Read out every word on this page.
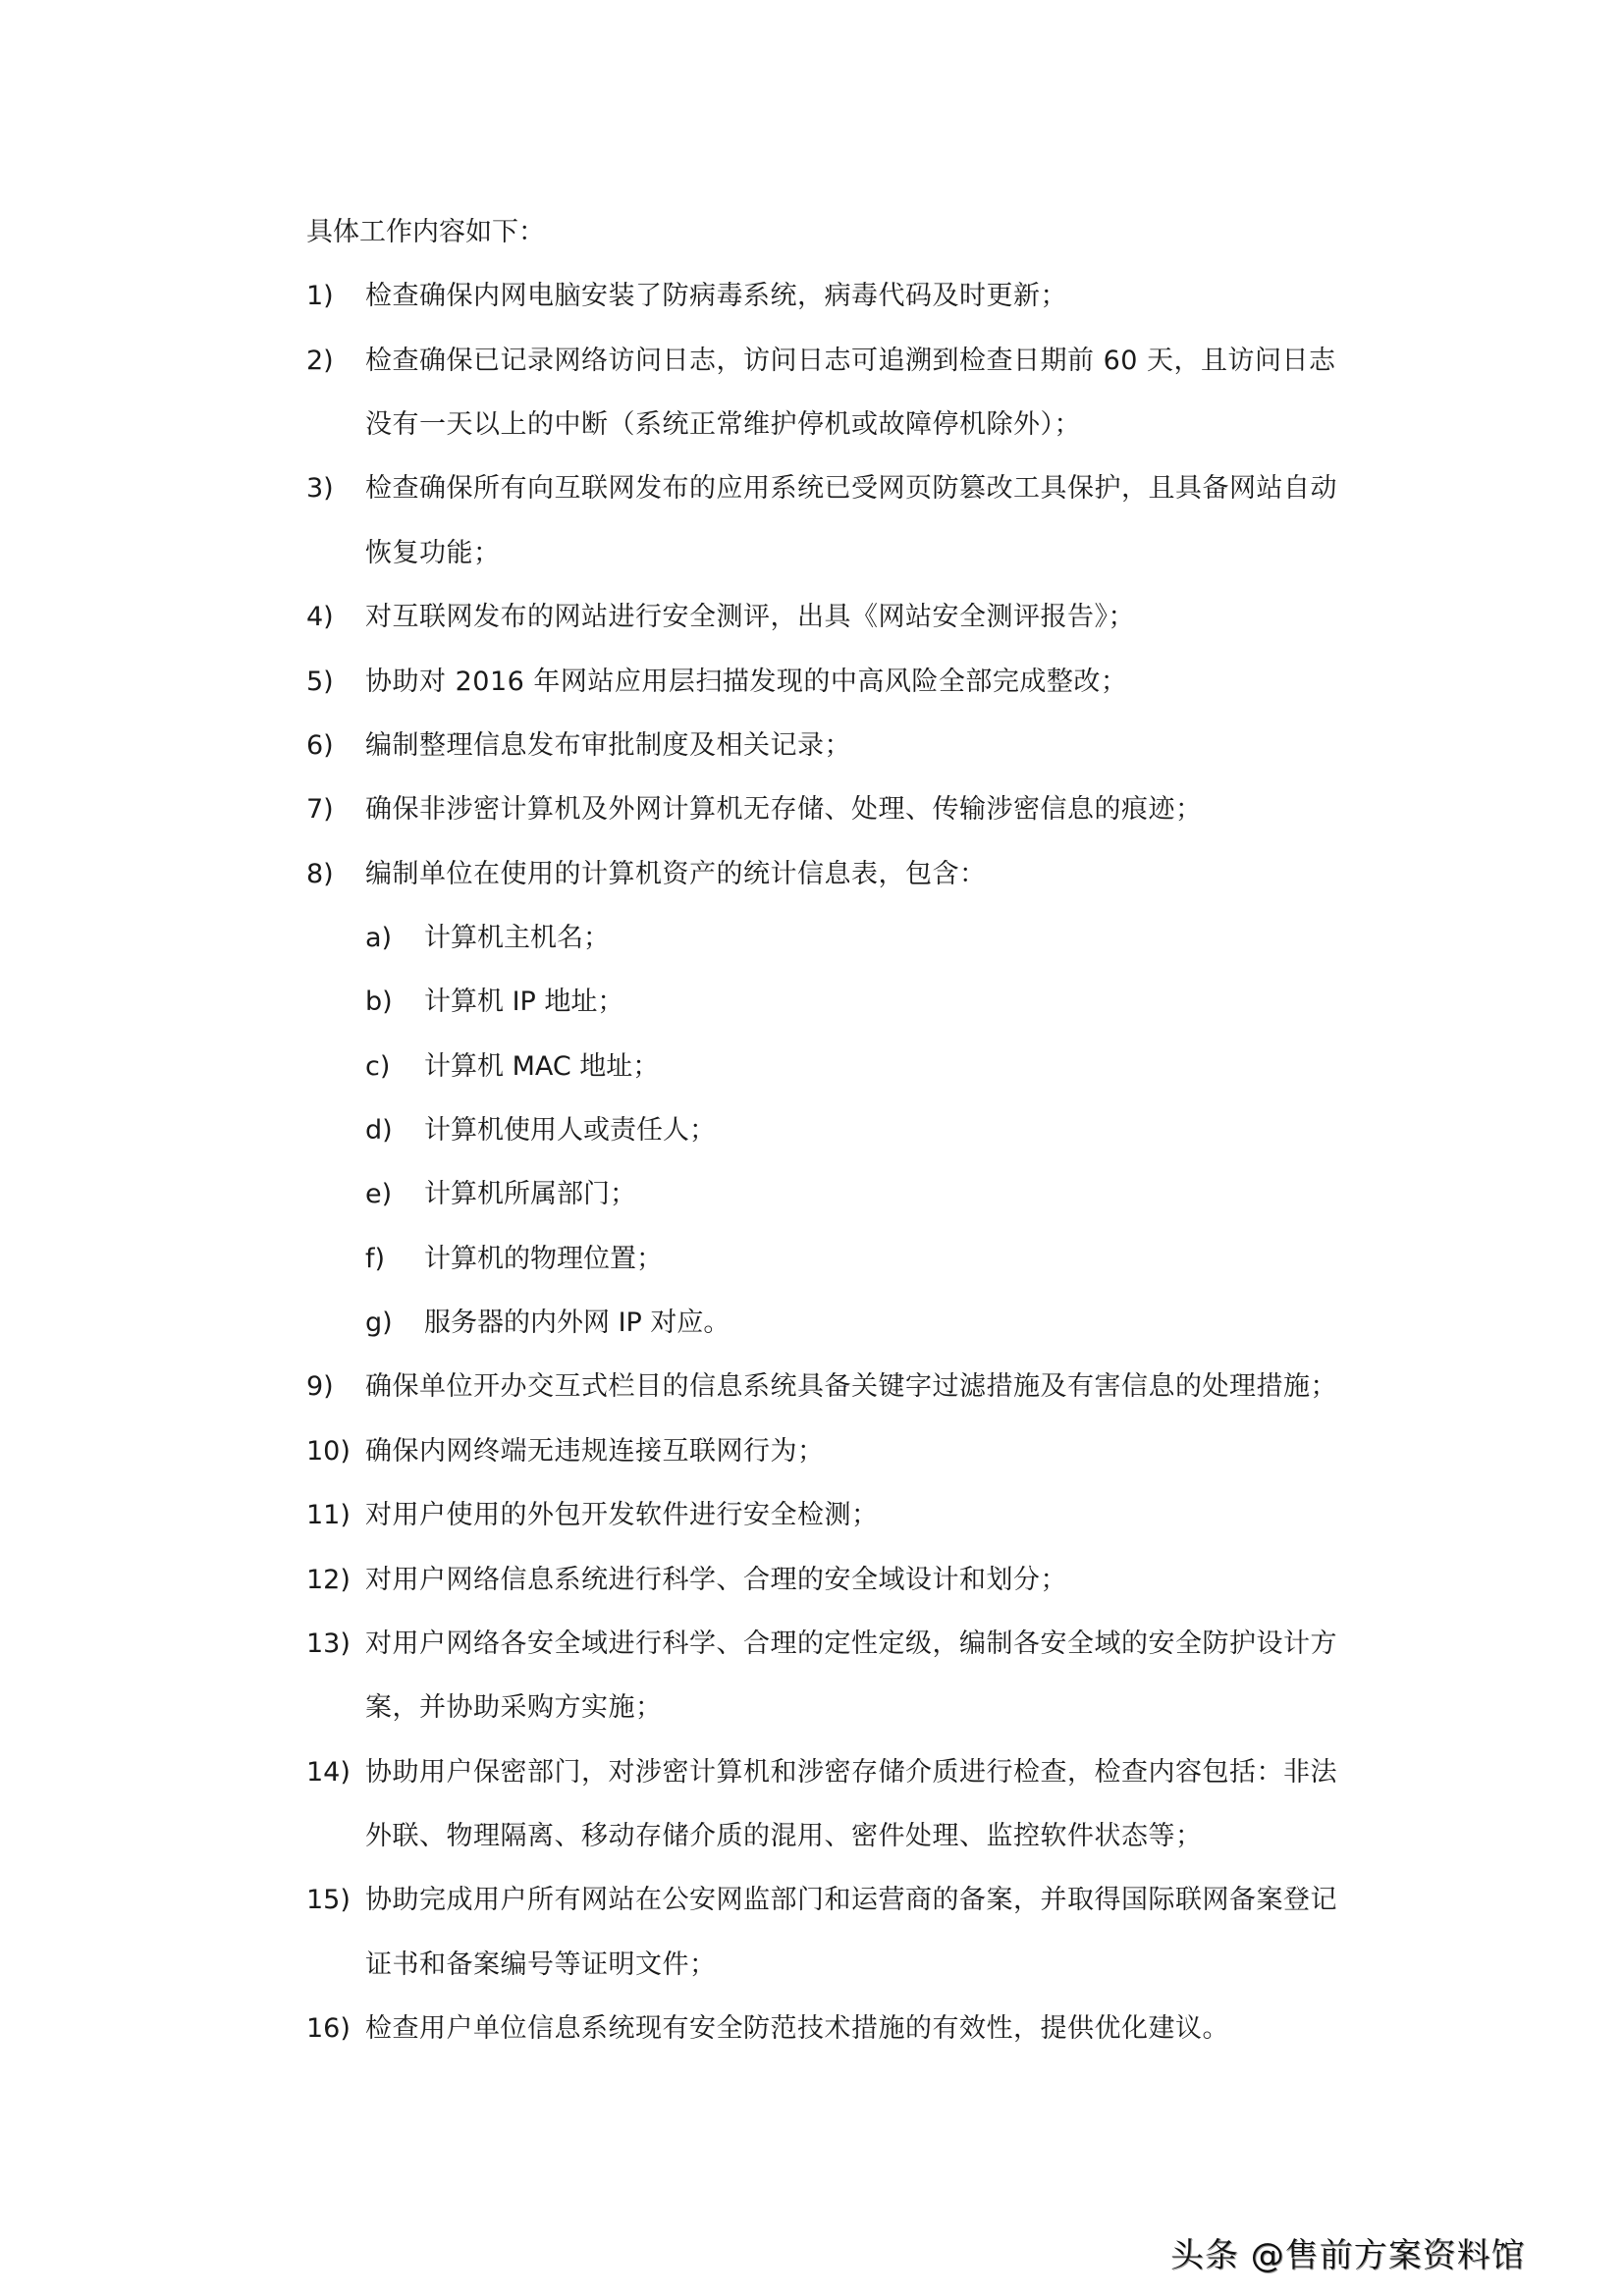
具体工作内容如下：
1) 检查确保内网电脑安装了防病毒系统，病毒代码及时更新；
2) 检查确保已记录网络访问日志，访问日志可追溯到检查日期前 60 天，且访问日志
没有一天以上的中断（系统正常维护停机或故障停机除外）；
3) 检查确保所有向互联网发布的应用系统已受网页防篡改工具保护，且具备网站自动
恢复功能；
4) 对互联网发布的网站进行安全测评，出具《网站安全测评报告》；
5) 协助对 2016 年网站应用层扫描发现的中高风险全部完成整改；
6) 编制整理信息发布审批制度及相关记录；
7) 确保非涉密计算机及外网计算机无存储、处理、传输涉密信息的痕迹；
8) 编制单位在使用的计算机资产的统计信息表，包含：
a) 计算机主机名；
b) 计算机 IP 地址；
c) 计算机 MAC 地址；
d) 计算机使用人或责任人；
e) 计算机所属部门；
f) 计算机的物理位置；
g) 服务器的内外网 IP 对应。
9) 确保单位开办交互式栏目的信息系统具备关键字过滤措施及有害信息的处理措施；
10) 确保内网终端无违规连接互联网行为；
11) 对用户使用的外包开发软件进行安全检测；
12) 对用户网络信息系统进行科学、合理的安全域设计和划分；
13) 对用户网络各安全域进行科学、合理的定性定级，编制各安全域的安全防护设计方
案，并协助采购方实施；
14) 协助用户保密部门，对涉密计算机和涉密存储介质进行检查，检查内容包括：非法
外联、物理隔离、移动存储介质的混用、密件处理、监控软件状态等；
15) 协助完成用户所有网站在公安网监部门和运营商的备案，并取得国际联网备案登记
证书和备案编号等证明文件；
16) 检查用户单位信息系统现有安全防范技术措施的有效性，提供优化建议。
头条 @售前方案资料馆
